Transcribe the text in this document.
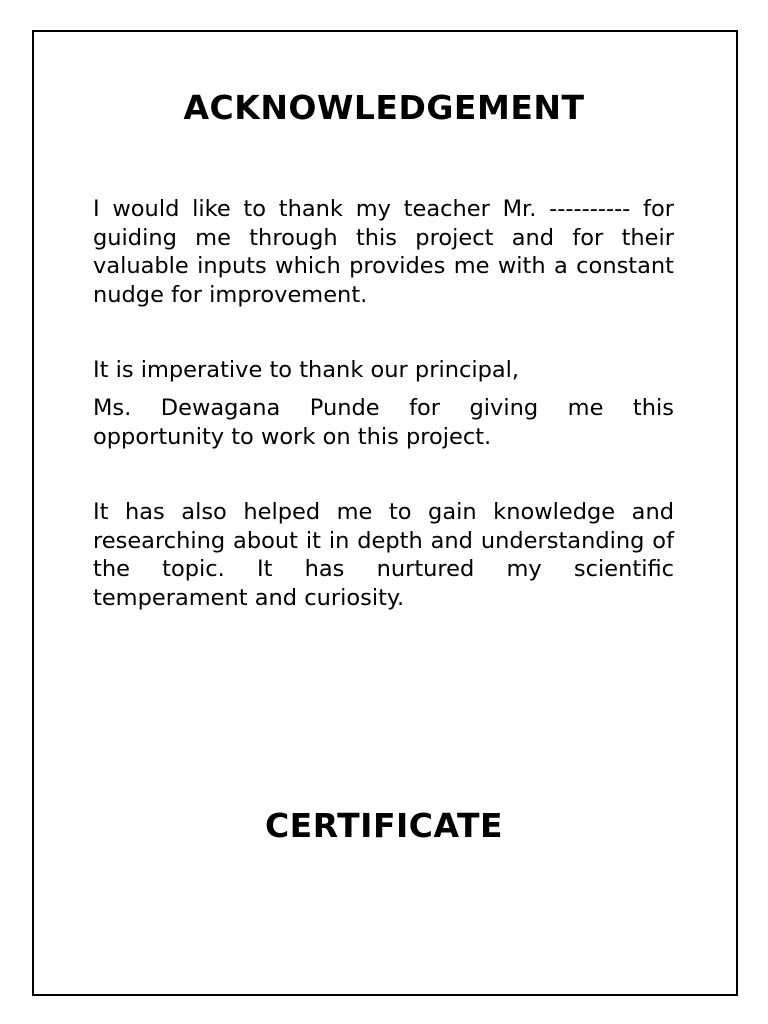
ACKNOWLEDGEMENT

I would like to thank my teacher Mr. ---------- for guiding me through this project and for their valuable inputs which provides me with a constant nudge for improvement.

It is imperative to thank our principal,

Ms. Dewagana Punde for giving me this opportunity to work on this project.

It has also helped me to gain knowledge and researching about it in depth and understanding of the topic. It has nurtured my scientific temperament and curiosity.

CERTIFICATE
